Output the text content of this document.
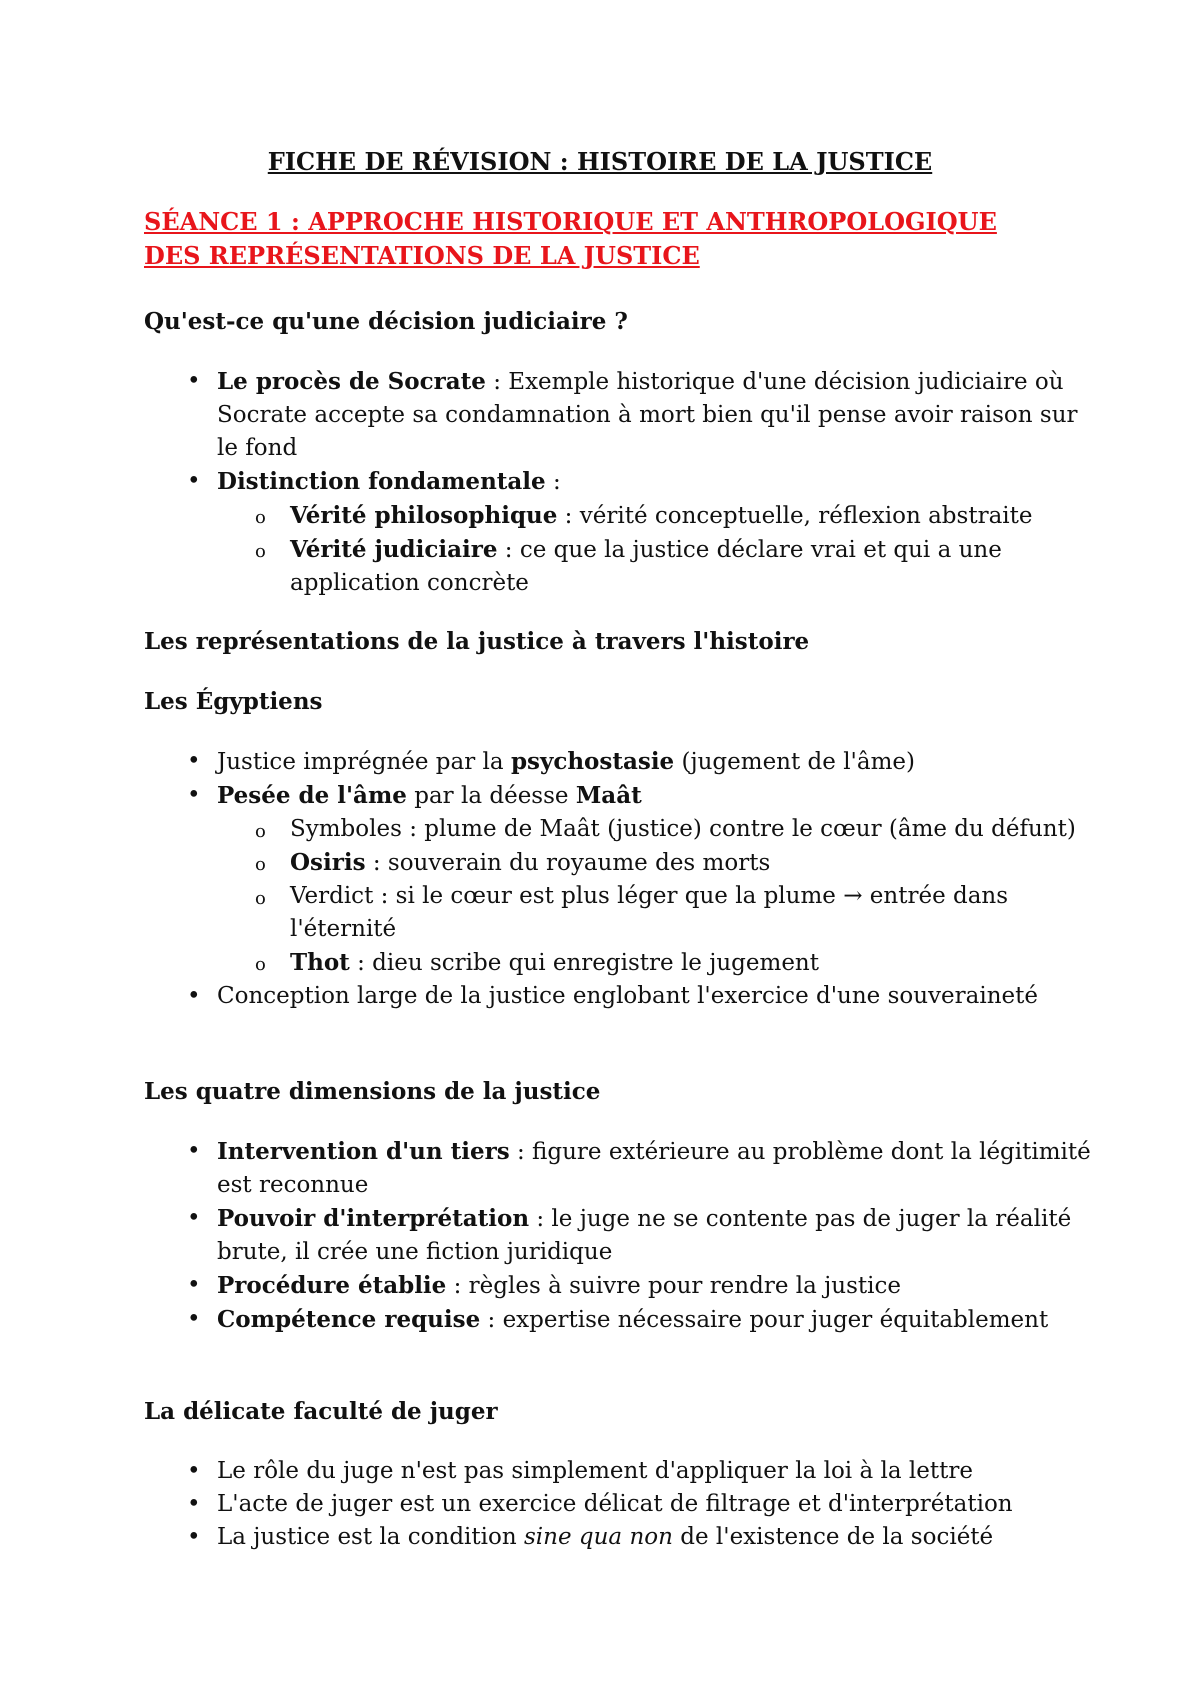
FICHE DE RÉVISION : HISTOIRE DE LA JUSTICE
SÉANCE 1 : APPROCHE HISTORIQUE ET ANTHROPOLOGIQUE DES REPRÉSENTATIONS DE LA JUSTICE
Qu'est-ce qu'une décision judiciaire ?
• Le procès de Socrate : Exemple historique d'une décision judiciaire où Socrate accepte sa condamnation à mort bien qu'il pense avoir raison sur le fond
• Distinction fondamentale :
o Vérité philosophique : vérité conceptuelle, réflexion abstraite
o Vérité judiciaire : ce que la justice déclare vrai et qui a une application concrète
Les représentations de la justice à travers l'histoire
Les Égyptiens
• Justice imprégnée par la psychostasie (jugement de l'âme)
• Pesée de l'âme par la déesse Maât
o Symboles : plume de Maât (justice) contre le cœur (âme du défunt)
o Osiris : souverain du royaume des morts
o Verdict : si le cœur est plus léger que la plume → entrée dans l'éternité
o Thot : dieu scribe qui enregistre le jugement
• Conception large de la justice englobant l'exercice d'une souveraineté
Les quatre dimensions de la justice
• Intervention d'un tiers : figure extérieure au problème dont la légitimité est reconnue
• Pouvoir d'interprétation : le juge ne se contente pas de juger la réalité brute, il crée une fiction juridique
• Procédure établie : règles à suivre pour rendre la justice
• Compétence requise : expertise nécessaire pour juger équitablement
La délicate faculté de juger
• Le rôle du juge n'est pas simplement d'appliquer la loi à la lettre
• L'acte de juger est un exercice délicat de filtrage et d'interprétation
• La justice est la condition sine qua non de l'existence de la société
